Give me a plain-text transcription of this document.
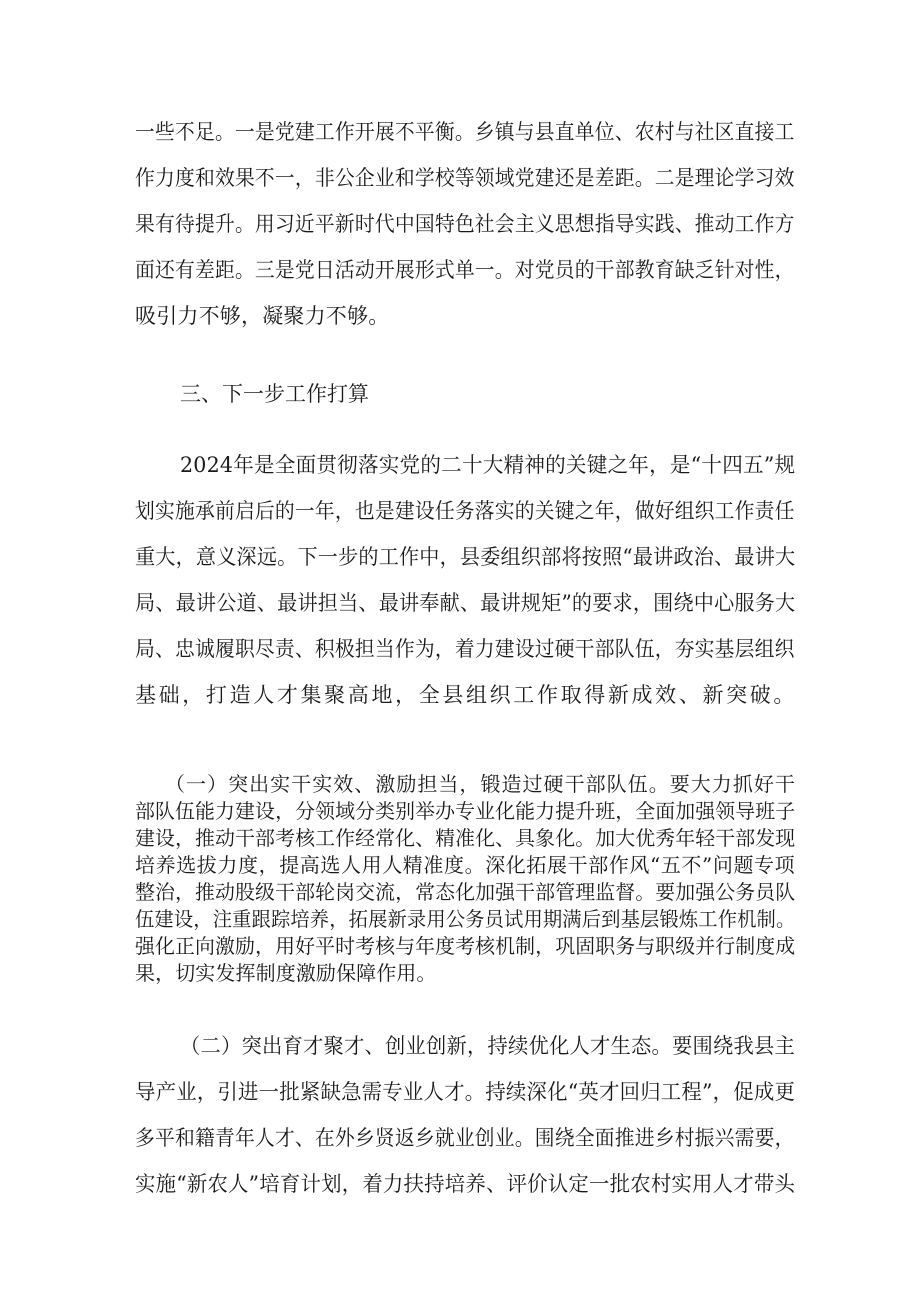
一些不足。一是党建工作开展不平衡。乡镇与县直单位、农村与社区直接工
作力度和效果不一，非公企业和学校等领域党建还是差距。二是理论学习效
果有待提升。用习近平新时代中国特色社会主义思想指导实践、推动工作方
面还有差距。三是党日活动开展形式单一。对党员的干部教育缺乏针对性，
吸引力不够，凝聚力不够。
三、下一步工作打算
2024年是全面贯彻落实党的二十大精神的关键之年，是“十四五”规
划实施承前启后的一年，也是建设任务落实的关键之年，做好组织工作责任
重大，意义深远。下一步的工作中，县委组织部将按照“最讲政治、最讲大
局、最讲公道、最讲担当、最讲奉献、最讲规矩”的要求，围绕中心服务大
局、忠诚履职尽责、积极担当作为，着力建设过硬干部队伍，夯实基层组织
基础，打造人才集聚高地，全县组织工作取得新成效、新突破。
（一）突出实干实效、激励担当，锻造过硬干部队伍。要大力抓好干
部队伍能力建设，分领域分类别举办专业化能力提升班，全面加强领导班子
建设，推动干部考核工作经常化、精准化、具象化。加大优秀年轻干部发现
培养选拔力度，提高选人用人精准度。深化拓展干部作风“五不”问题专项
整治，推动股级干部轮岗交流，常态化加强干部管理监督。要加强公务员队
伍建设，注重跟踪培养，拓展新录用公务员试用期满后到基层锻炼工作机制。
强化正向激励，用好平时考核与年度考核机制，巩固职务与职级并行制度成
果，切实发挥制度激励保障作用。
（二）突出育才聚才、创业创新，持续优化人才生态。要围绕我县主
导产业，引进一批紧缺急需专业人才。持续深化“英才回归工程”，促成更
多平和籍青年人才、在外乡贤返乡就业创业。围绕全面推进乡村振兴需要，
实施“新农人”培育计划，着力扶持培养、评价认定一批农村实用人才带头
